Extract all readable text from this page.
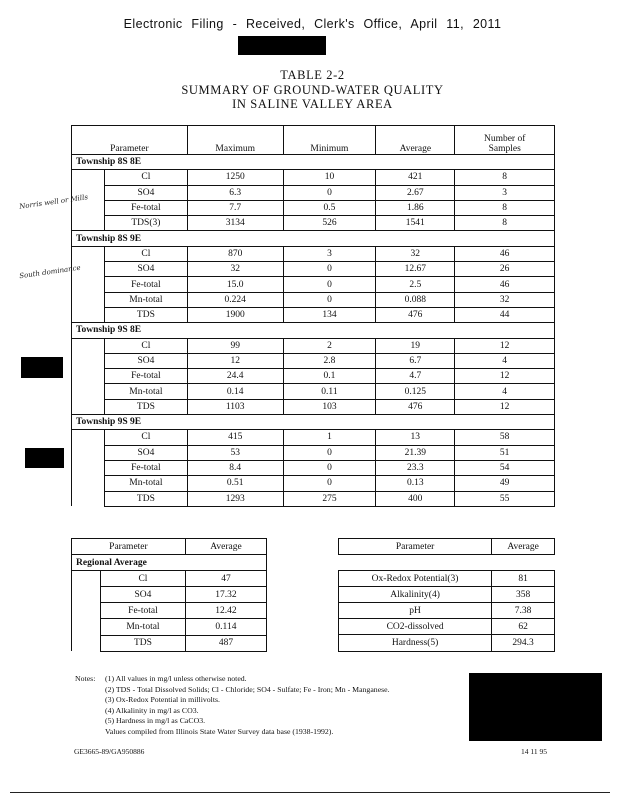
Electronic Filing - Received, Clerk's Office, April 11, 2011
TABLE 2-2
SUMMARY OF GROUND-WATER QUALITY
IN SALINE VALLEY AREA
Norris well or Mills
South dominance
Parameter		Maximum	Minimum	Average	Number of
Samples
Township 8S 8E					
	Cl	1250	10	421	8
	SO4	6.3	0	2.67	3
	Fe-total	7.7	0.5	1.86	8
	TDS(3)	3134	526	1541	8
Township 8S 9E					
	Cl	870	3	32	46
	SO4	32	0	12.67	26
	Fe-total	15.0	0	2.5	46
	Mn-total	0.224	0	0.088	32
	TDS	1900	134	476	44
Township 9S 8E					
	Cl	99	2	19	12
	SO4	12	2.8	6.7	4
	Fe-total	24.4	0.1	4.7	12
	Mn-total	0.14	0.11	0.125	4
	TDS	1103	103	476	12
Township 9S 9E					
	Cl	415	1	13	58
	SO4	53	0	21.39	51
	Fe-total	8.4	0	23.3	54
	Mn-total	0.51	0	0.13	49
	TDS	1293	275	400	55
Parameter		Average
Regional Average		
	Cl	47
	SO4	17.32
	Fe-total	12.42
	Mn-total	0.114
	TDS	487
Parameter	Average

Ox-Redox Potential(3)	81
Alkalinity(4)	358
pH	7.38
CO2-dissolved	62
Hardness(5)	294.3
Notes:	(1) All values in mg/l unless otherwise noted.
(2) TDS - Total Dissolved Solids; Cl - Chloride; SO4 - Sulfate; Fe - Iron; Mn - Manganese.
(3) Ox-Redox Potential in millivolts.
(4) Alkalinity in mg/l as CO3.
(5) Hardness in mg/l as CaCO3.
Values compiled from Illinois State Water Survey data base (1938-1992).
GE3665-89/GA950886	14 11 95
